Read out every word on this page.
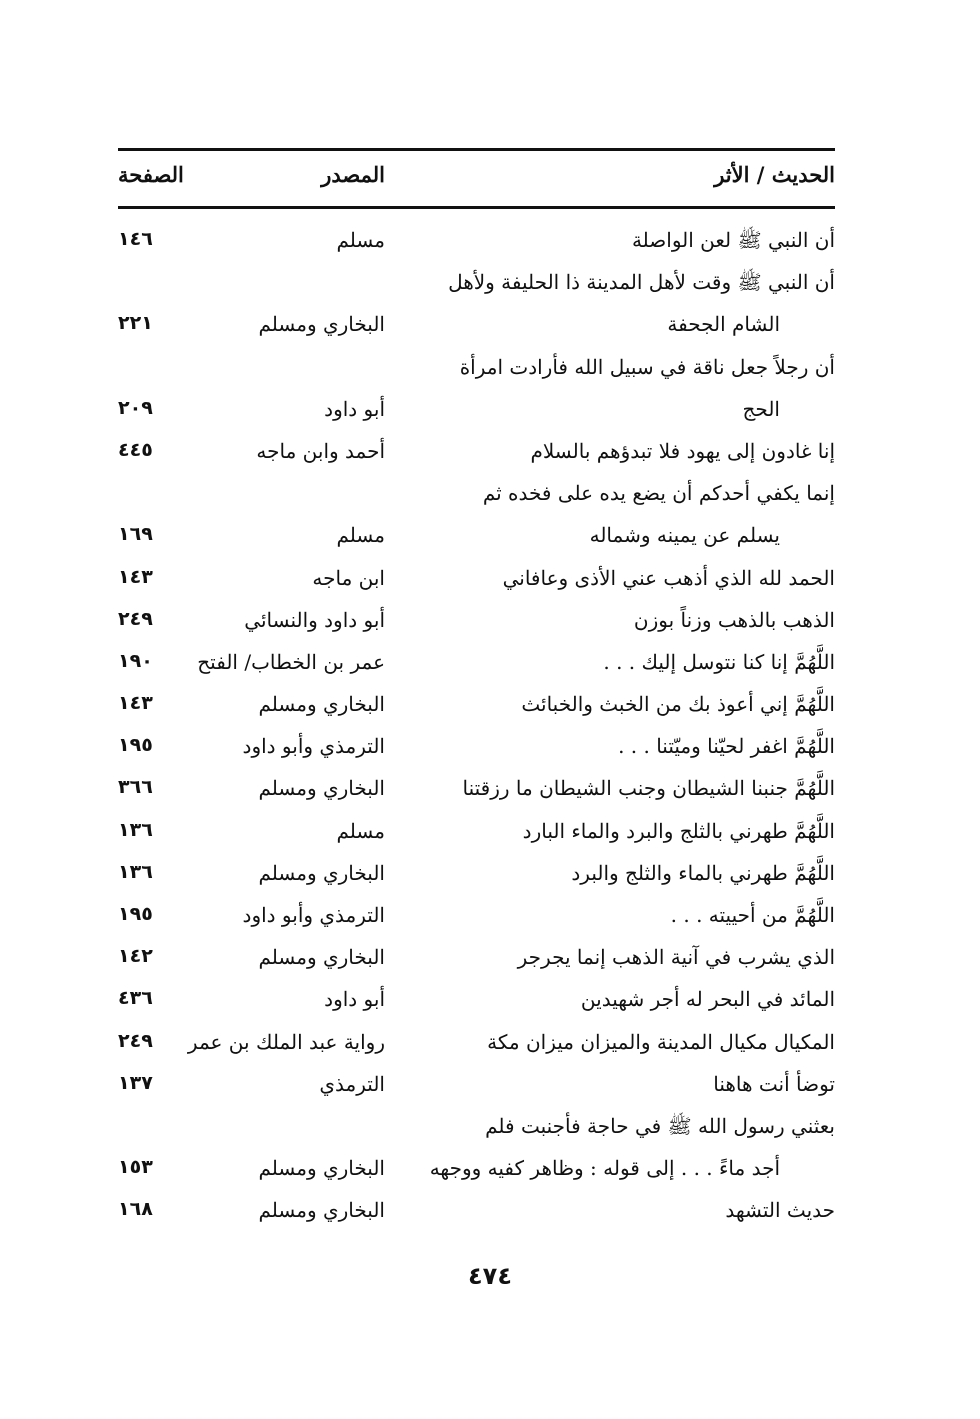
الحديث / الأثر
المصدر
الصفحة
أن النبي ﷺ لعن الواصلة
مسلم
١٤٦
أن النبي ﷺ وقت لأهل المدينة ذا الحليفة ولأهل
الشام الجحفة
البخاري ومسلم
٢٢١
أن رجلاً جعل ناقة في سبيل الله فأرادت امرأة
الحج
أبو داود
٢٠٩
إنا غادون إلى يهود فلا تبدؤهم بالسلام
أحمد وابن ماجه
٤٤٥
إنما يكفي أحدكم أن يضع يده على فخده ثم
يسلم عن يمينه وشماله
مسلم
١٦٩
الحمد لله الذي أذهب عني الأذى وعافاني
ابن ماجه
١٤٣
الذهب بالذهب وزناً بوزن
أبو داود والنسائي
٢٤٩
اللَّهُمَّ إنا كنا نتوسل إليك . . .
عمر بن الخطاب/ الفتح
١٩٠
اللَّهُمَّ إني أعوذ بك من الخبث والخبائث
البخاري ومسلم
١٤٣
اللَّهُمَّ اغفر لحيّنا وميّتنا . . .
الترمذي وأبو داود
١٩٥
اللَّهُمَّ جنبنا الشيطان وجنب الشيطان ما رزقتنا
البخاري ومسلم
٣٦٦
اللَّهُمَّ طهرني بالثلج والبرد والماء البارد
مسلم
١٣٦
اللَّهُمَّ طهرني بالماء والثلج والبرد
البخاري ومسلم
١٣٦
اللَّهُمَّ من أحييته . . .
الترمذي وأبو داود
١٩٥
الذي يشرب في آنية الذهب إنما يجرجر
البخاري ومسلم
١٤٢
المائد في البحر له أجر شهيدين
أبو داود
٤٣٦
المكيال مكيال المدينة والميزان ميزان مكة
رواية عبد الملك بن عمر
٢٤٩
توضأ أنت هاهنا
الترمذي
١٣٧
بعثني رسول الله ﷺ في حاجة فأجنبت فلم
أجد ماءً . . . إلى قوله : وظاهر كفيه ووجهه
البخاري ومسلم
١٥٣
حديث التشهد
البخاري ومسلم
١٦٨
٤٧٤
